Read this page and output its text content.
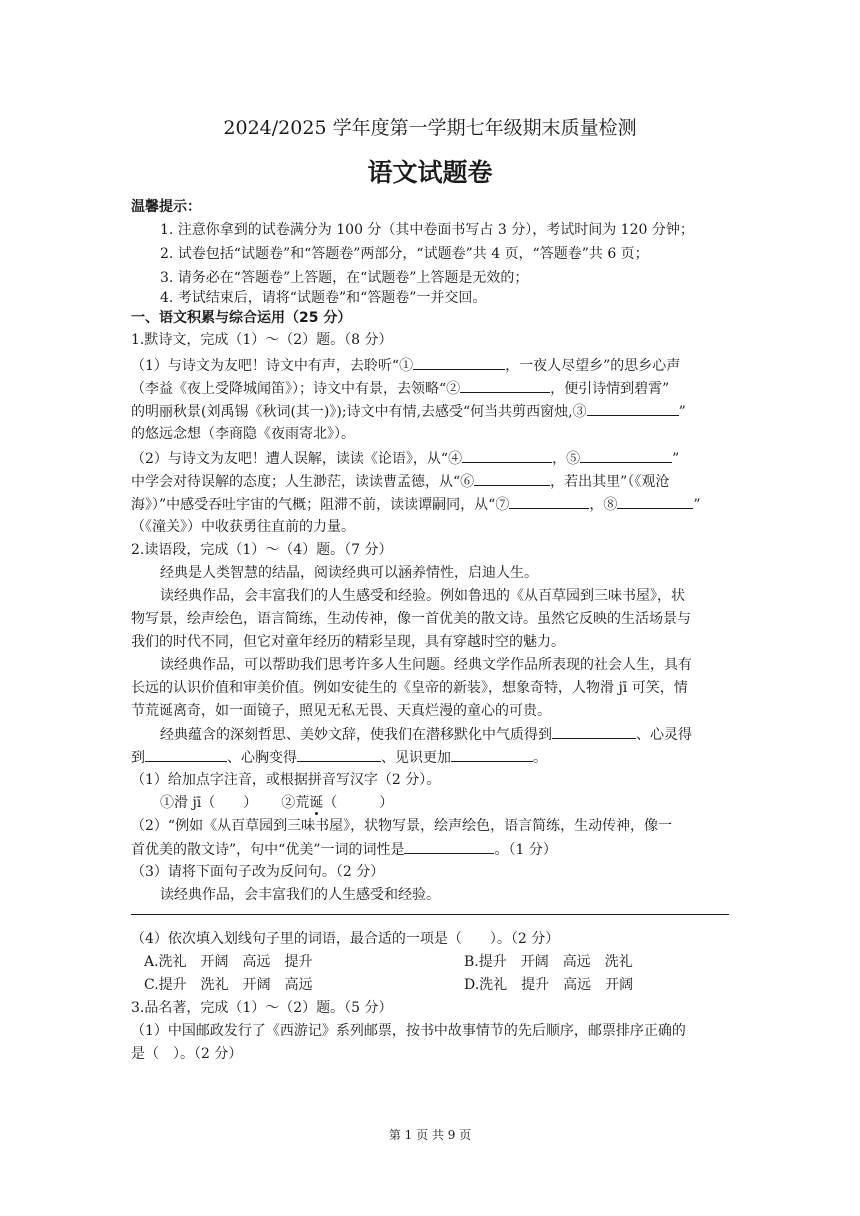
2024/2025 学年度第一学期七年级期末质量检测
语文试题卷
温馨提示：
1. 注意你拿到的试卷满分为 100 分（其中卷面书写占 3 分），考试时间为 120 分钟；
2. 试卷包括“试题卷”和“答题卷”两部分，“试题卷”共 4 页，“答题卷”共 6 页；
3. 请务必在“答题卷”上答题，在“试题卷”上答题是无效的；
4. 考试结束后，请将“试题卷”和“答题卷”一并交回。
一、语文积累与综合运用（25 分）
1.默诗文，完成（1）～（2）题。（8 分）
（1）与诗文为友吧！诗文中有声，去聆听“①	，一夜人尽望乡”的思乡心声
（李益《夜上受降城闻笛》）；诗文中有景，去领略“②	，便引诗情到碧霄”
的明丽秋景(刘禹锡《秋词(其一)》);诗文中有情,去感受“何当共剪西窗烛,③	”
的悠远念想（李商隐《夜雨寄北》）。
（2）与诗文为友吧！遭人误解，读读《论语》，从“④	，⑤	”
中学会对待误解的态度；人生渺茫，读读曹孟德，从“⑥	，若出其里”（《观沧
海》）”中感受吞吐宇宙的气概；阻滞不前，读读谭嗣同，从“⑦	，⑧	”
（《潼关》）中收获勇往直前的力量。
2.读语段，完成（1）～（4）题。（7 分）
经典是人类智慧的结晶，阅读经典可以涵养情性，启迪人生。
读经典作品，会丰富我们的人生感受和经验。例如鲁迅的《从百草园到三味书屋》，状
物写景，绘声绘色，语言简练，生动传神，像一首优美的散文诗。虽然它反映的生活场景与
我们的时代不同，但它对童年经历的精彩呈现，具有穿越时空的魅力。
读经典作品，可以帮助我们思考许多人生问题。经典文学作品所表现的社会人生，具有
长远的认识价值和审美价值。例如安徒生的《皇帝的新装》，想象奇特，人物滑 jī 可笑，情
节荒诞离奇，如一面镜子，照见无私无畏、天真烂漫的童心的可贵。
经典蕴含的深刻哲思、美妙文辞，使我们在潜移默化中气质得到	、心灵得
到	、心胸变得	、见识更加	。
（1）给加点字注音，或根据拼音写汉字（2 分）。
①滑 jī（　　） ②荒诞（　　　）
（2）“例如《从百草园到三味书屋》，状物写景，绘声绘色，语言简练，生动传神，像一
首优美的散文诗”，句中“优美”一词的词性是	。（1 分）
（3）请将下面句子改为反问句。（2 分）
读经典作品，会丰富我们的人生感受和经验。
（4）依次填入划线句子里的词语，最合适的一项是（　　）。（2 分）
A.洗礼　开阔　高远　提升	B.提升　开阔　高远　洗礼
C.提升　洗礼　开阔　高远	D.洗礼　提升　高远　开阔
3.品名著，完成（1）～（2）题。（5 分）
（1）中国邮政发行了《西游记》系列邮票，按书中故事情节的先后顺序，邮票排序正确的
是（　）。（2 分）
第 1 页 共 9 页
